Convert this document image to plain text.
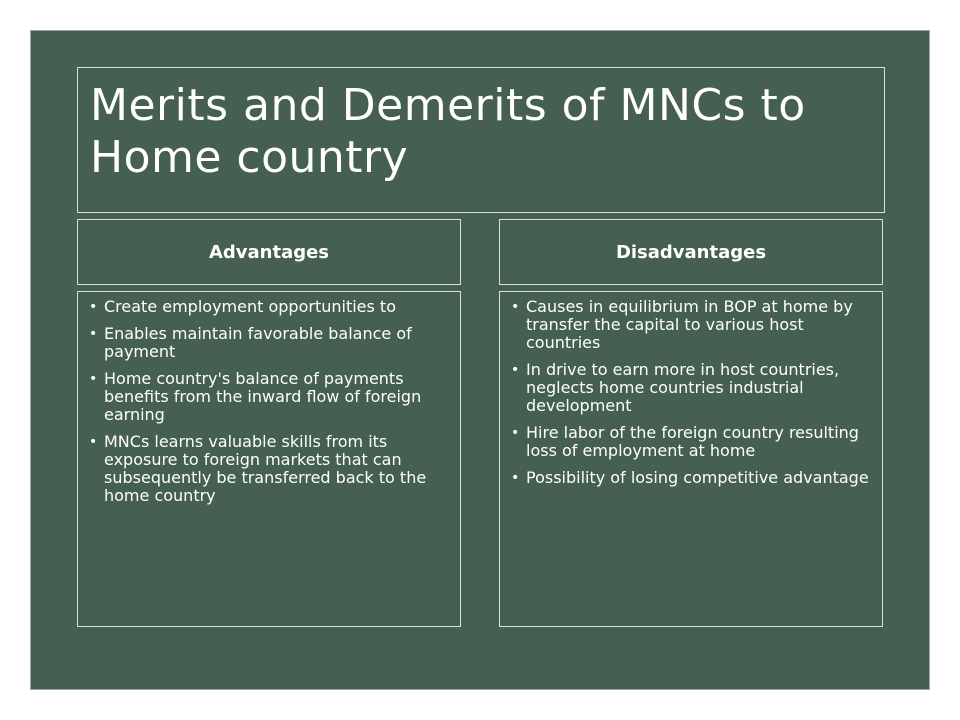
Merits and Demerits of MNCs to Home country
Advantages	Disadvantages
• Create employment opportunities to
• Enables maintain favorable balance of payment
• Home country's balance of payments benefits from the inward flow of foreign earning
• MNCs learns valuable skills from its exposure to foreign markets that can subsequently be transferred back to the home country
• Causes in equilibrium in BOP at home by transfer the capital to various host countries
• In drive to earn more in host countries, neglects home countries industrial development
• Hire labor of the foreign country resulting loss of employment at home
• Possibility of losing competitive advantage
